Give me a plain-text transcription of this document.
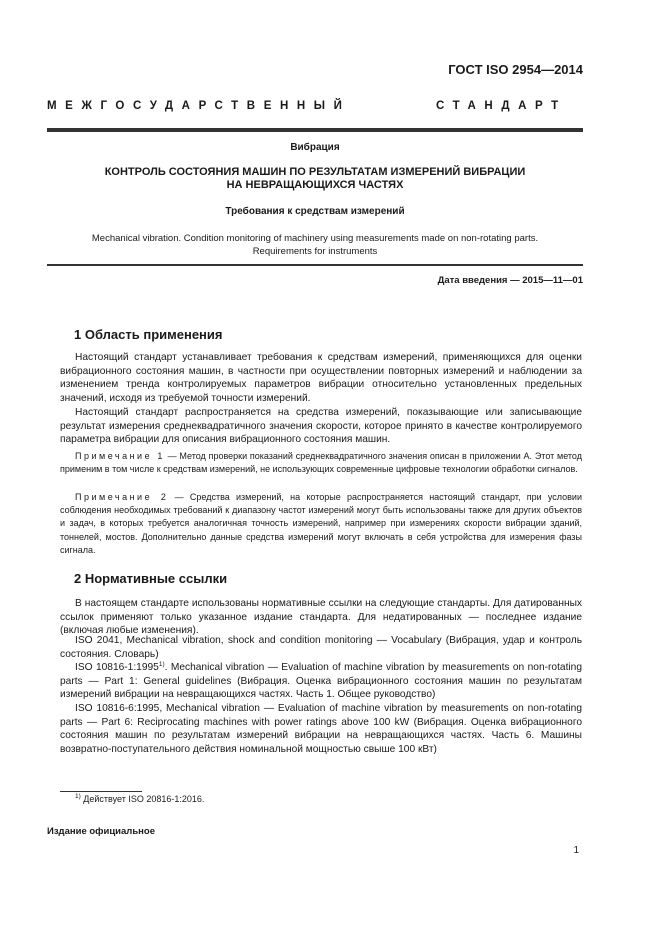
ГОСТ ISO 2954—2014
МЕЖГОСУДАРСТВЕННЫЙ	СТАНДАРТ
Вибрация
КОНТРОЛЬ СОСТОЯНИЯ МАШИН ПО РЕЗУЛЬТАТАМ ИЗМЕРЕНИЙ ВИБРАЦИИ
НА НЕВРАЩАЮЩИХСЯ ЧАСТЯХ
Требования к средствам измерений
Mechanical vibration. Condition monitoring of machinery using measurements made on non-rotating parts.
Requirements for instruments
Дата введения — 2015—11—01
1 Область применения
Настоящий стандарт устанавливает требования к средствам измерений, применяющихся для оценки вибрационного состояния машин, в частности при осуществлении повторных измерений и наблюдении за изменением тренда контролируемых параметров вибрации относительно установленных предельных значений, исходя из требуемой точности измерений.
Настоящий стандарт распространяется на средства измерений, показывающие или записывающие результат измерения среднеквадратичного значения скорости, которое принято в качестве контролируемого параметра вибрации для описания вибрационного состояния машин.
Примечание 1 — Метод проверки показаний среднеквадратичного значения описан в приложении А. Этот метод применим в том числе к средствам измерений, не использующих современные цифровые технологии обработки сигналов.
Примечание 2 — Средства измерений, на которые распространяется настоящий стандарт, при условии соблюдения необходимых требований к диапазону частот измерений могут быть использованы также для других объектов и задач, в которых требуется аналогичная точность измерений, например при измерениях скорости вибрации зданий, тоннелей, мостов. Дополнительно данные средства измерений могут включать в себя устройства для измерения фазы сигнала.
2 Нормативные ссылки
В настоящем стандарте использованы нормативные ссылки на следующие стандарты. Для датированных ссылок применяют только указанное издание стандарта. Для недатированных — последнее издание (включая любые изменения).
ISO 2041, Mechanical vibration, shock and condition monitoring — Vocabulary (Вибрация, удар и контроль состояния. Словарь)
ISO 10816-1:1995$^{1)}$. Mechanical vibration — Evaluation of machine vibration by measurements on non-rotating parts — Part 1: General guidelines (Вибрация. Оценка вибрационного состояния машин по результатам измерений вибрации на невращающихся частях. Часть 1. Общее руководство)
ISO 10816-6:1995, Mechanical vibration — Evaluation of machine vibration by measurements on non-rotating parts — Part 6: Reciprocating machines with power ratings above 100 kW (Вибрация. Оценка вибрационного состояния машин по результатам измерений вибрации на невращающихся частях. Часть 6. Машины возвратно-поступательного действия номинальной мощностью свыше 100 кВт)
$^{1)}$ Действует ISO 20816-1:2016.
Издание официальное
1
